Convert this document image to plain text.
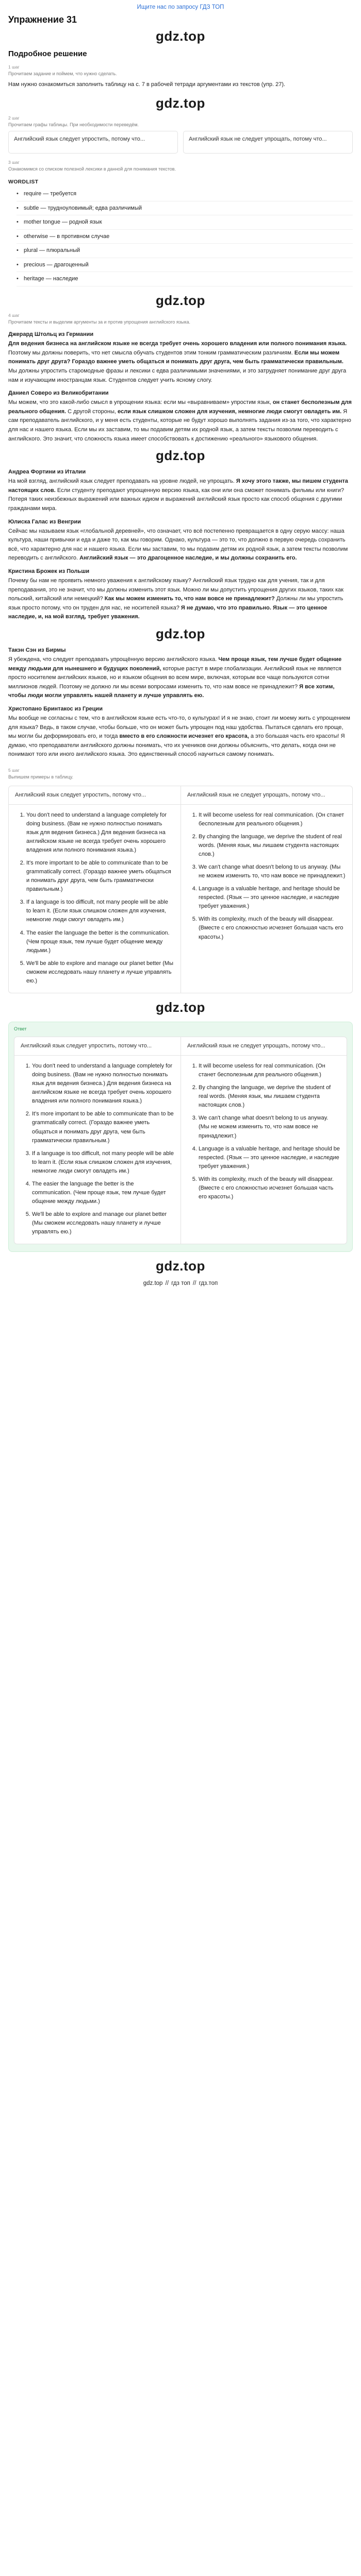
Ищите нас по запросу ГДЗ ТОП
Упражнение 31
gdz.top
Подробное решение
1 шаг
Прочитаем задание и поймем, что нужно сделать.
Нам нужно ознакомиться заполнить таблицу на с. 7 в рабочей тетради аргументами из текстов (упр. 27).
gdz.top
2 шаг
Прочитаем графы таблицы. При необходимости переведём.
Английский язык следует упростить, потому что...	Английский язык не следует упрощать, потому что...
3 шаг
Ознакомимся со списком полезной лексики в данной для понимания текстов.
WORDLIST
• require — требуется
• subtle — трудноуловимый; едва различимый
• mother tongue — родной язык
• otherwise — в противном случае
• plural — плюральный
• precious — драгоценный
• heritage — наследие
gdz.top
4 шаг
Прочитаем тексты и выделим аргументы за и против упрощения английского языка.
Джерард Штольц из Германии
Для ведения бизнеса на английском языке не всегда требует очень хорошего владения или полного понимания языка. Поэтому мы должны поверить, что нет смысла обучать студентов этим тонким грамматическим различиям. Если мы можем понимать друг друга? Гораздо важнее уметь общаться и понимать друг друга, чем быть грамматически правильным. Мы должны упростить старомодные фразы и лексики с едва различимыми значениями, и это затрудняет понимание друг друга нам и изучающим иностранцам язык. Студентов следует учить ясному слогу.
Даниел Соверо из Великобритании
Мы можем, что это какой-либо смысл в упрощении языка: если мы «выравниваем» упростим язык, он станет бесполезным для реального общения. С другой стороны, если язык слишком сложен для изучения, немногие люди смогут овладеть им. Я сам преподаватель английского, и у меня есть студенты, которые не будут хорошо выполнять задания из-за того, что характерно для нас и нашего языка. Если мы их заставим, то мы подавим детям их родной язык, а затем тексты позволим переводить с английского. Это значит, что сложность языка имеет способствовать к достижению «реального» языкового общения.
gdz.top
Андреа Фортини из Италии
На мой взгляд, английский язык следует преподавать на уровне людей, не упрощать. Я хочу этого также, мы пишем студента настоящих слов. Если студенту преподают упрощенную версию языка, как они или она сможет понимать фильмы или книги? Потеря таких неизбежных выражений или важных идиом и выражений английский язык просто как способ общения с другими гражданами мира.
Юлиска Галас из Венгрии
Сейчас мы называем язык «глобальной деревней», что означает, что всё постепенно превращается в одну серую массу: наша культура, наши привычки и еда и даже то, как мы говорим. Однако, культура — это то, что должно в первую очередь сохранить всё, что характерно для нас и нашего языка. Если мы заставим, то мы подавим детям их родной язык, а затем тексты позволим переводить с английского. Английский язык — это драгоценное наследие, и мы должны сохранить его.
Кристина Брожек из Польши
Почему бы нам не проявить немного уважения к английскому языку? Английский язык трудно как для учения, так и для преподавания, это не значит, что мы должны изменить этот язык. Можно ли мы допустить упрощения других языков, таких как польский, китайский или немецкий? Как мы можем изменить то, что нам вовсе не принадлежит? Должны ли мы упростить язык просто потому, что он труден для нас, не носителей языка? Я не думаю, что это правильно. Язык — это ценное наследие, и, на мой взгляд, требует уважения.
gdz.top
Такэн Сэн из Бирмы
Я убеждена, что следует преподавать упрощённую версию английского языка. Чем проще язык, тем лучше будет общение между людьми для нынешнего и будущих поколений, которые растут в мире глобализации. Английский язык не является просто носителем английских языков, но и языком общения во всем мире, включая, которым все чаще пользуются сотни миллионов людей. Поэтому не должно ли мы всеми вопросами изменить то, что нам вовсе не принадлежит? Я все хотим, чтобы люди могли управлять нашей планету и лучше управлять ею.
Христопано Бринтакос из Греции
Мы вообще не согласны с тем, что в английском языке есть что-то, о культурах! И я не знаю, стоит ли моему жить с упрощением для языка? Ведь, в таком случае, чтобы больше, что он может быть упрощен под наш удобства. Пытаться сделать его проще, мы могли бы деформировать его, и тогда вместо в его сложности исчезнет его красота, а это большая часть его красоты! Я думаю, что преподаватели английского должны понимать, что их учеников они должны объяснить, что делать, когда они не понимают того или иного английского языка. Это единственный способ научиться самому понимать.
5 шаг
Выпишем примеры в таблицу.
Английский язык следует упростить, потому что...	Английский язык не следует упрощать, потому что...
1. You don't need to understand a language completely for doing business. (Вам не нужно полностью понимать язык для ведения бизнеса.) Для ведения бизнеса на английском языке не всегда требует очень хорошего владения или полного понимания языка.)
2. It's more important to be able to communicate than to be grammatically correct. (Гораздо важнее уметь общаться и понимать друг друга, чем быть грамматически правильным.)
3. If a language is too difficult, not many people will be able to learn it. (Если язык слишком сложен для изучения, немногие люди смогут овладеть им.)
4. The easier the language the better is the communication. (Чем проще язык, тем лучше будет общение между людьми.)
5. We'll be able to explore and manage our planet better (Мы сможем исследовать нашу планету и лучше управлять ею.)
1. It will become useless for real communication. (Он станет бесполезным для реального общения.)
2. By changing the language, we deprive the student of real words. (Меняя язык, мы лишаем студента настоящих слов.)
3. We can't change what doesn't belong to us anyway. (Мы не можем изменить то, что нам вовсе не принадлежит.)
4. Language is a valuable heritage, and heritage should be respected. (Язык — это ценное наследие, и наследие требует уважения.)
5. With its complexity, much of the beauty will disappear. (Вместе с его сложностью исчезнет большая часть его красоты.)
gdz.top
Ответ
Английский язык следует упростить, потому что...	Английский язык не следует упрощать, потому что...
1. You don't need to understand a language completely for doing business. (Вам не нужно полностью понимать язык для ведения бизнеса.) Для ведения бизнеса на английском языке не всегда требует очень хорошего владения или полного понимания языка.)
2. It's more important to be able to communicate than to be grammatically correct. (Гораздо важнее уметь общаться и понимать друг друга, чем быть грамматически правильным.)
3. If a language is too difficult, not many people will be able to learn it. (Если язык слишком сложен для изучения, немногие люди смогут овладеть им.)
4. The easier the language the better is the communication. (Чем проще язык, тем лучше будет общение между людьми.)
5. We'll be able to explore and manage our planet better (Мы сможем исследовать нашу планету и лучше управлять ею.)
1. It will become useless for real communication. (Он станет бесполезным для реального общения.)
2. By changing the language, we deprive the student of real words. (Меняя язык, мы лишаем студента настоящих слов.)
3. We can't change what doesn't belong to us anyway. (Мы не можем изменить то, что нам вовсе не принадлежит.)
4. Language is a valuable heritage, and heritage should be respected. (Язык — это ценное наследие, и наследие требует уважения.)
5. With its complexity, much of the beauty will disappear. (Вместе с его сложностью исчезнет большая часть его красоты.)
gdz.top
gdz.top // гдз топ // гдз.топ
